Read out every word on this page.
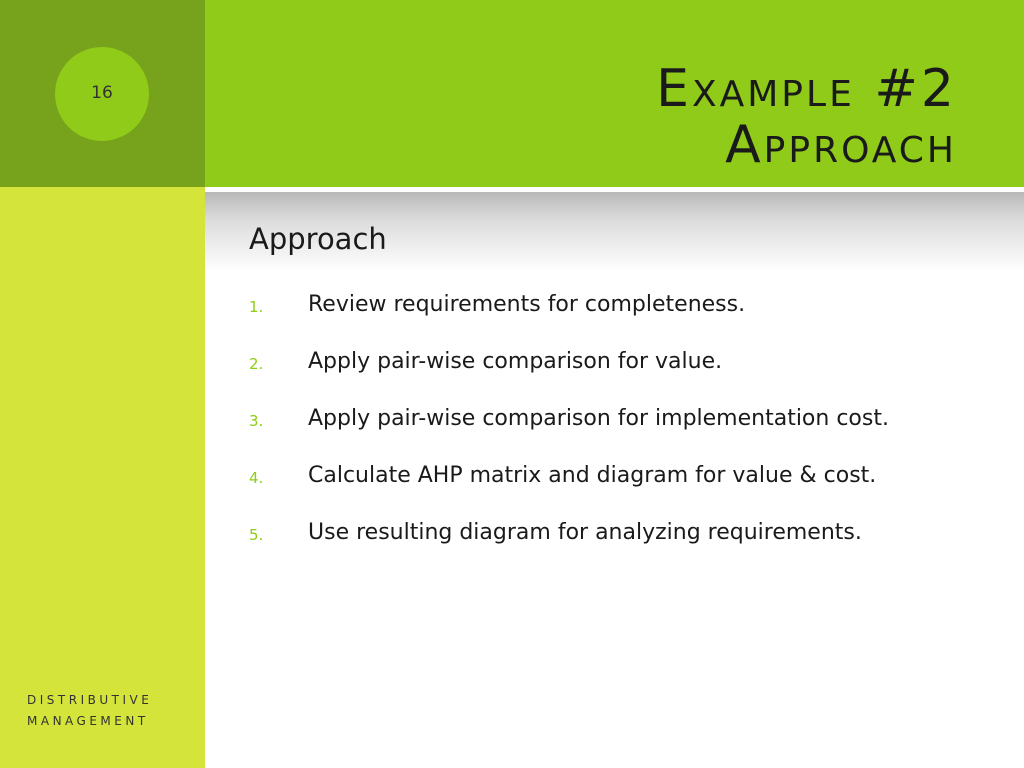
16	Example #2
Approach
Approach
1. Review requirements for completeness.
2. Apply pair-wise comparison for value.
3. Apply pair-wise comparison for implementation cost.
4. Calculate AHP matrix and diagram for value & cost.
5. Use resulting diagram for analyzing requirements.
DISTRIBUTIVE
MANAGEMENT
